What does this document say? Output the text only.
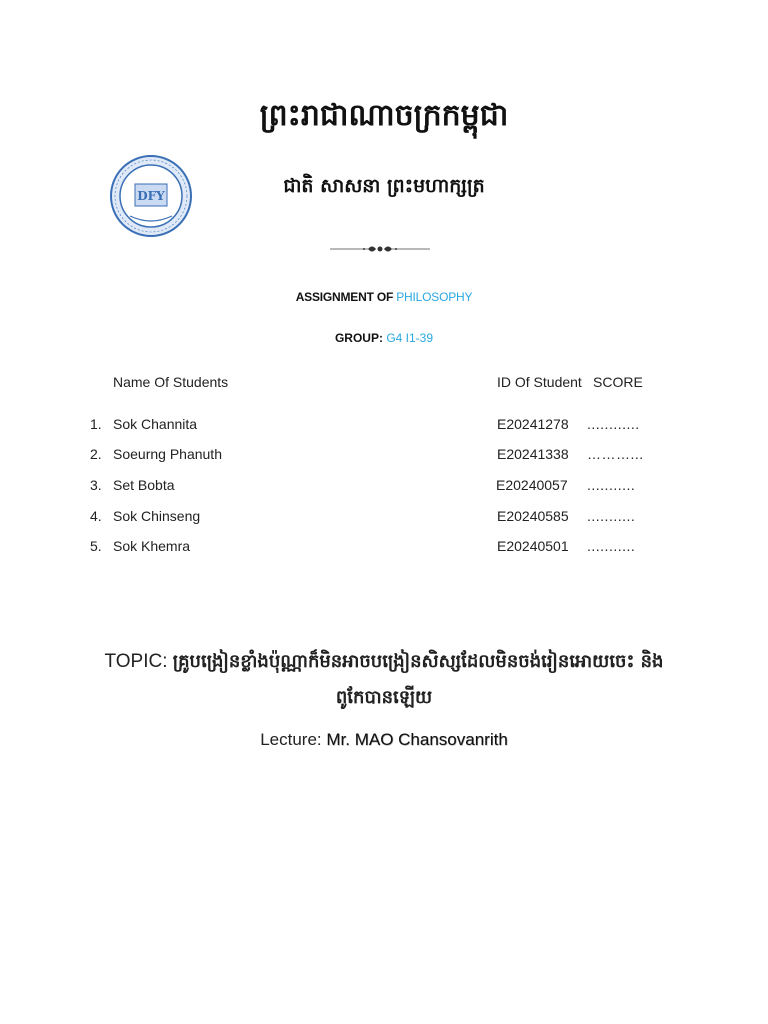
ព្រះរាជាណាចក្រកម្ពុជា
DFY	ជាតិ សាសនា ព្រះមហាក្សត្រ
ASSIGNMENT OF PHILOSOPHY
GROUP: G4 I1-39
Name Of Students	ID Of Student SCORE
1. Sok Channita	E20241278 ............
2. Soeurng Phanuth	E20241338 ………...
3. Set Bobta	E20240057 ...........
4. Sok Chinseng	E20240585 ...........
5. Sok Khemra	E20240501 ...........
TOPIC: គ្រូបង្រៀនខ្លាំងប៉ុណ្ណាក៏មិនអាចបង្រៀនសិស្សដែលមិនចង់រៀនអោយចេះ និង
ពូកែបានឡើយ
Lecture: Mr. MAO Chansovanrith
